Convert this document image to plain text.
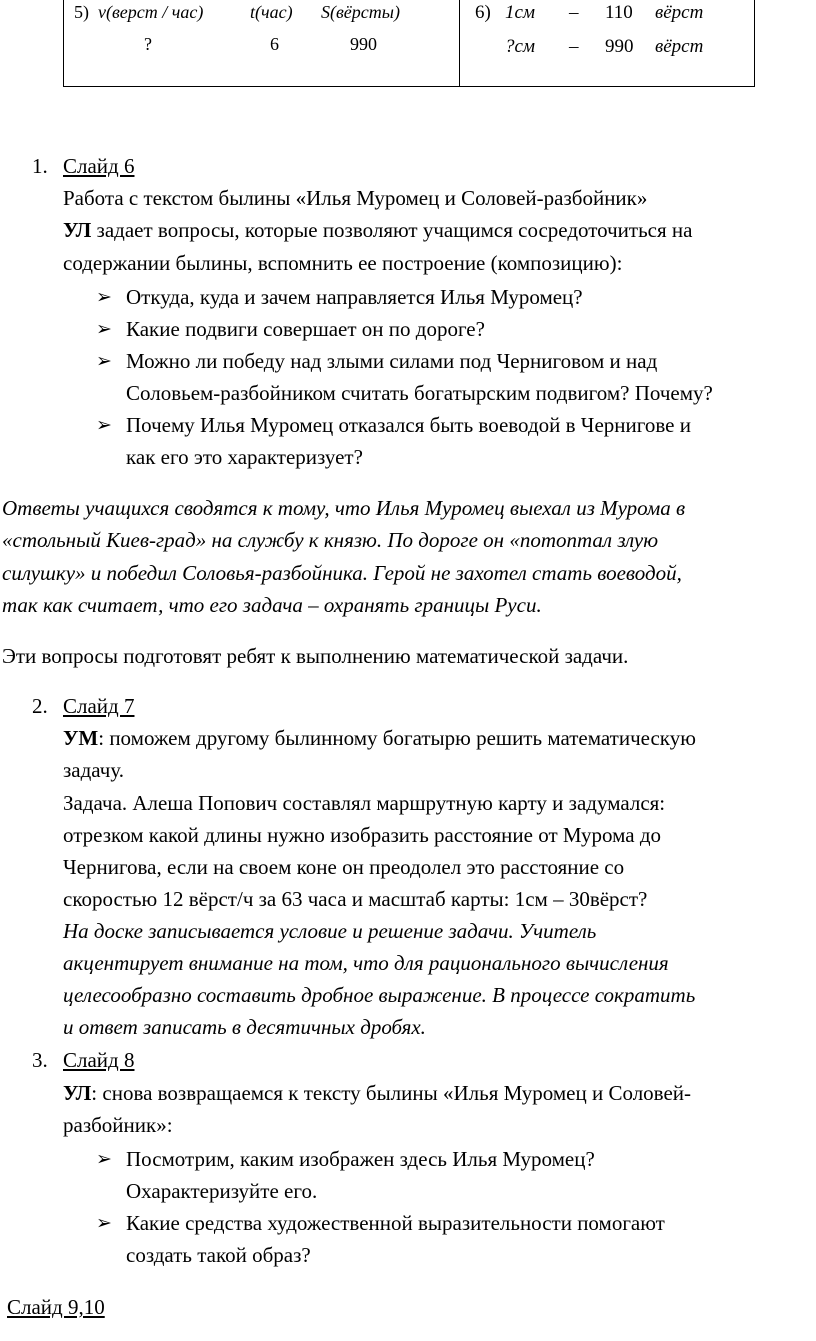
5) v(верст / час)	t(час) S(вёрсты)
?	6	990
6) 1см – 110 вёрст
?см – 990 вёрст
1. Слайд 6
Работа с текстом былины «Илья Муромец и Соловей-разбойник»
УЛ задает вопросы, которые позволяют учащимся сосредоточиться на
содержании былины, вспомнить ее построение (композицию):
➢ Откуда, куда и зачем направляется Илья Муромец?
➢ Какие подвиги совершает он по дороге?
➢ Можно ли победу над злыми силами под Черниговом и над
Соловьем-разбойником считать богатырским подвигом? Почему?
➢ Почему Илья Муромец отказался быть воеводой в Чернигове и
как его это характеризует?
Ответы учащихся сводятся к тому, что Илья Муромец выехал из Мурома в
«стольный Киев-град» на службу к князю. По дороге он «потоптал злую
силушку» и победил Соловья-разбойника. Герой не захотел стать воеводой,
так как считает, что его задача – охранять границы Руси.
Эти вопросы подготовят ребят к выполнению математической задачи.
2. Слайд 7
УМ: поможем другому былинному богатырю решить математическую
задачу.
Задача. Алеша Попович составлял маршрутную карту и задумался:
отрезком какой длины нужно изобразить расстояние от Мурома до
Чернигова, если на своем коне он преодолел это расстояние со
скоростью 12 вёрст/ч за 63 часа и масштаб карты: 1см – 30вёрст?
На доске записывается условие и решение задачи. Учитель
акцентирует внимание на том, что для рационального вычисления
целесообразно составить дробное выражение. В процессе сократить
и ответ записать в десятичных дробях.
3. Слайд 8
УЛ: снова возвращаемся к тексту былины «Илья Муромец и Соловей-
разбойник»:
➢ Посмотрим, каким изображен здесь Илья Муромец?
Охарактеризуйте его.
➢ Какие средства художественной выразительности помогают
создать такой образ?
Слайд 9,10
